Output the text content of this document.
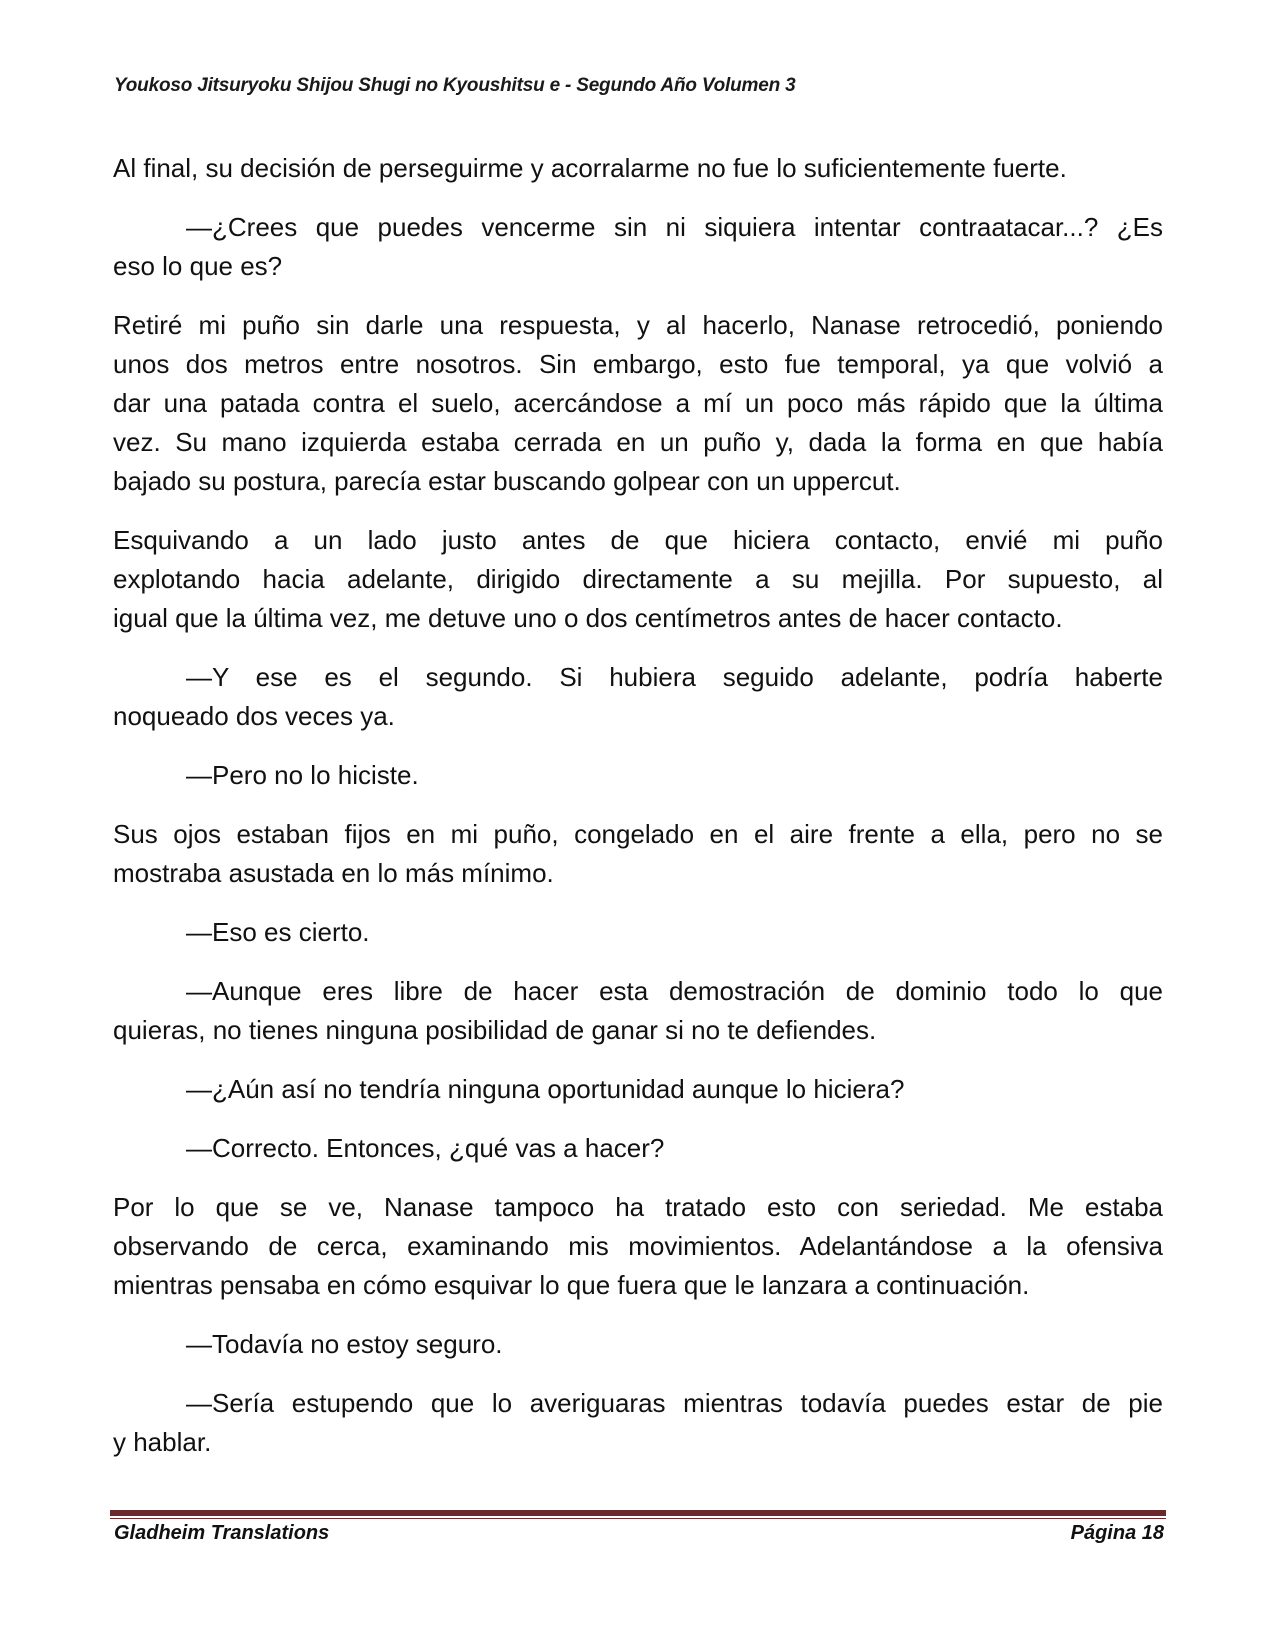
Youkoso Jitsuryoku Shijou Shugi no Kyoushitsu e - Segundo Año Volumen 3
Al final, su decisión de perseguirme y acorralarme no fue lo suficientemente fuerte.
—¿Crees que puedes vencerme sin ni siquiera intentar contraatacar...? ¿Es
eso lo que es?
Retiré mi puño sin darle una respuesta, y al hacerlo, Nanase retrocedió, poniendo
unos dos metros entre nosotros. Sin embargo, esto fue temporal, ya que volvió a
dar una patada contra el suelo, acercándose a mí un poco más rápido que la última
vez. Su mano izquierda estaba cerrada en un puño y, dada la forma en que había
bajado su postura, parecía estar buscando golpear con un uppercut.
Esquivando a un lado justo antes de que hiciera contacto, envié mi puño
explotando hacia adelante, dirigido directamente a su mejilla. Por supuesto, al
igual que la última vez, me detuve uno o dos centímetros antes de hacer contacto.
—Y ese es el segundo. Si hubiera seguido adelante, podría haberte
noqueado dos veces ya.
—Pero no lo hiciste.
Sus ojos estaban fijos en mi puño, congelado en el aire frente a ella, pero no se
mostraba asustada en lo más mínimo.
—Eso es cierto.
—Aunque eres libre de hacer esta demostración de dominio todo lo que
quieras, no tienes ninguna posibilidad de ganar si no te defiendes.
—¿Aún así no tendría ninguna oportunidad aunque lo hiciera?
—Correcto. Entonces, ¿qué vas a hacer?
Por lo que se ve, Nanase tampoco ha tratado esto con seriedad. Me estaba
observando de cerca, examinando mis movimientos. Adelantándose a la ofensiva
mientras pensaba en cómo esquivar lo que fuera que le lanzara a continuación.
—Todavía no estoy seguro.
—Sería estupendo que lo averiguaras mientras todavía puedes estar de pie
y hablar.
Gladheim Translations	Página 18
